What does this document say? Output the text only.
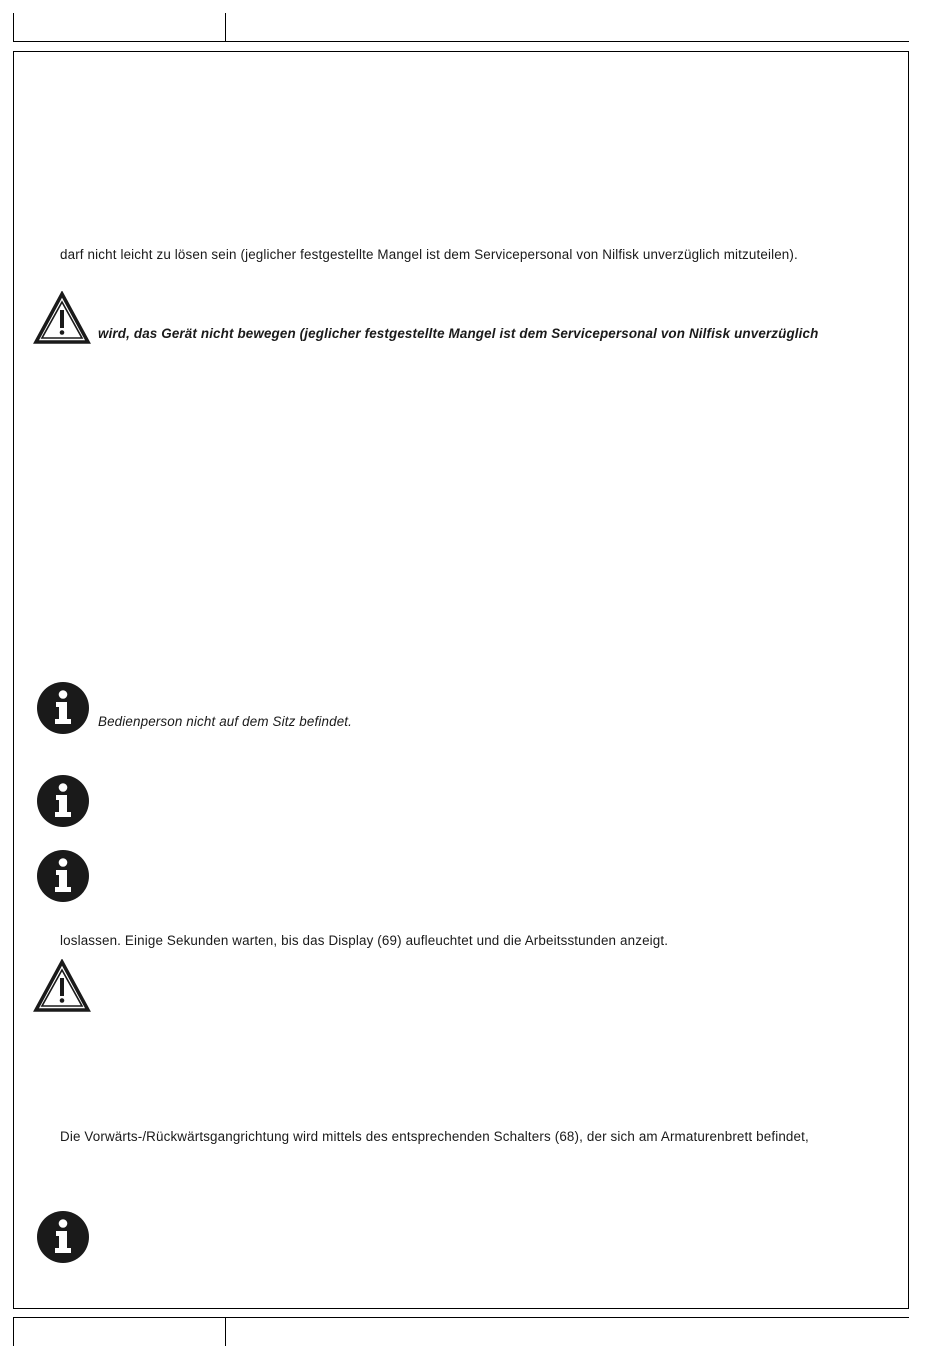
darf nicht leicht zu lösen sein (jeglicher festgestellte Mangel ist dem Servicepersonal von Nilfisk unverzüglich mitzuteilen).
wird, das Gerät nicht bewegen (jeglicher festgestellte Mangel ist dem Servicepersonal von Nilfisk unverzüglich
Bedienperson nicht auf dem Sitz befindet.
loslassen. Einige Sekunden warten, bis das Display (69) aufleuchtet und die Arbeitsstunden anzeigt.
Die Vorwärts-/Rückwärtsgangrichtung wird mittels des entsprechenden Schalters (68), der sich am Armaturenbrett befindet,
